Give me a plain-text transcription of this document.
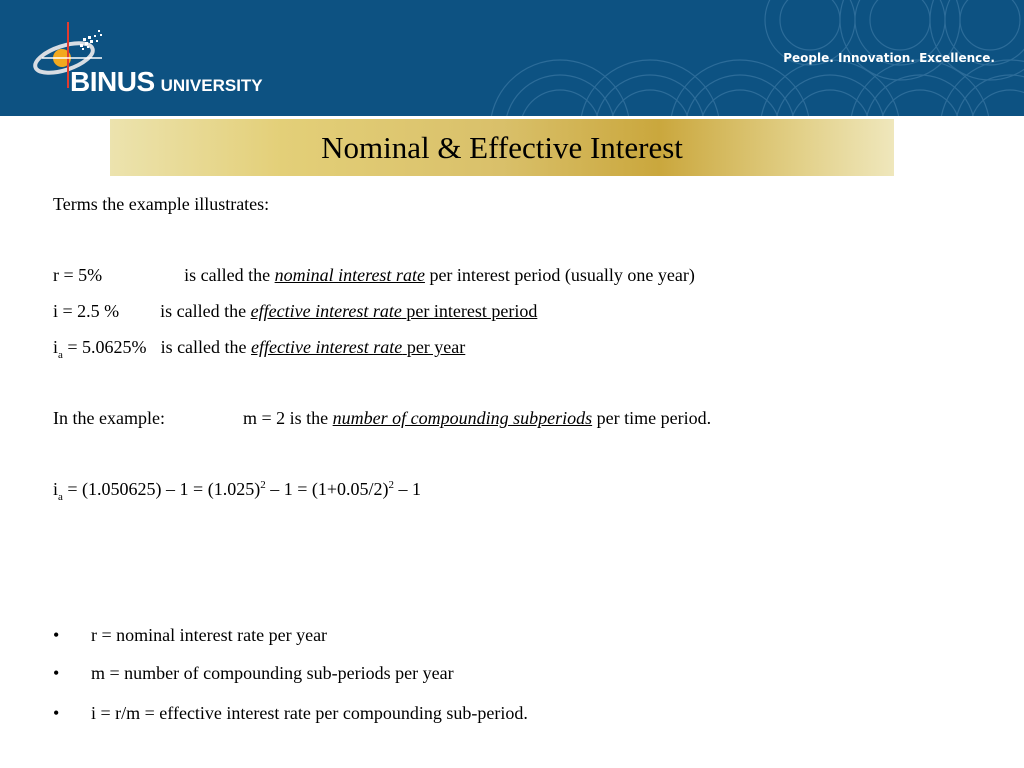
BINUS UNIVERSITY
People. Innovation. Excellence.
Nominal & Effective Interest
Terms the example illustrates:
r = 5%	is called the nominal interest rate per interest period (usually one year)
i = 2.5 % is called the effective interest rate per interest period
$i_a = 5.0625\%$ is called the effective interest rate per year
In the example:	m = 2 is the number of compounding subperiods per time period.
$i_a = (1.050625) - 1 = (1.025)^2 - 1 = (1+0.05/2)^2 - 1$
• r = nominal interest rate per year
• m = number of compounding sub-periods per year
• i = r/m = effective interest rate per compounding sub-period.
